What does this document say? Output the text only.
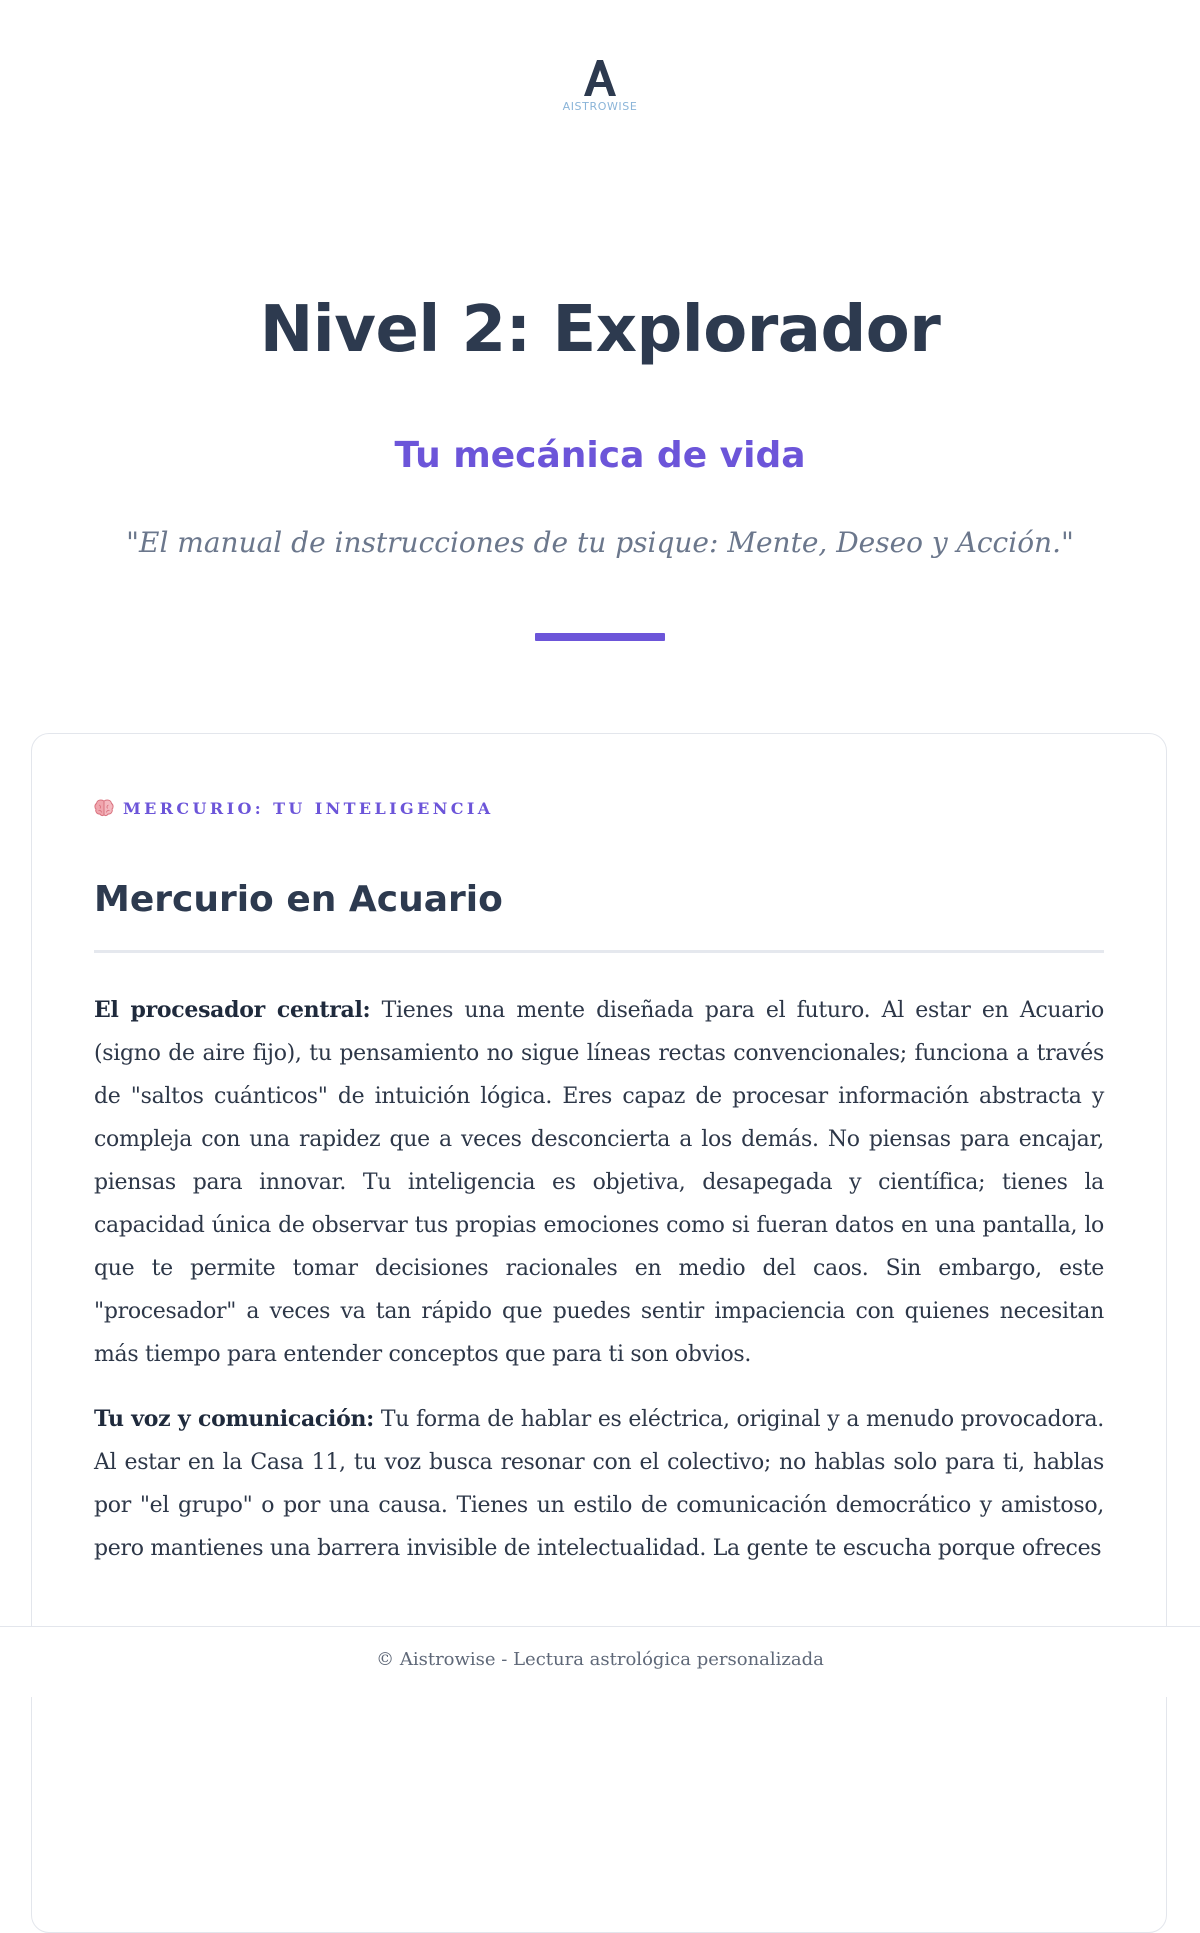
AISTROWISE
Nivel 2: Explorador
Tu mecánica de vida

"El manual de instrucciones de tu psique: Mente, Deseo y Acción."

MERCURIO: TU INTELIGENCIA
Mercurio en Acuario

El procesador central: Tienes una mente diseñada para el futuro. Al estar en Acuario (signo de aire fijo), tu pensamiento no sigue líneas rectas convencionales; funciona a través de "saltos cuánticos" de intuición lógica. Eres capaz de procesar información abstracta y compleja con una rapidez que a veces desconcierta a los demás. No piensas para encajar, piensas para innovar. Tu inteligencia es objetiva, desapegada y científica; tienes la capacidad única de observar tus propias emociones como si fueran datos en una pantalla, lo que te permite tomar decisiones racionales en medio del caos. Sin embargo, este "procesador" a veces va tan rápido que puedes sentir impaciencia con quienes necesitan más tiempo para entender conceptos que para ti son obvios.

Tu voz y comunicación: Tu forma de hablar es eléctrica, original y a menudo provocadora. Al estar en la Casa 11, tu voz busca resonar con el colectivo; no hablas solo para ti, hablas por "el grupo" o por una causa. Tienes un estilo de comunicación democrático y amistoso, pero mantienes una barrera invisible de intelectualidad. La gente te escucha porque ofreces

© Aistrowise - Lectura astrológica personalizada
